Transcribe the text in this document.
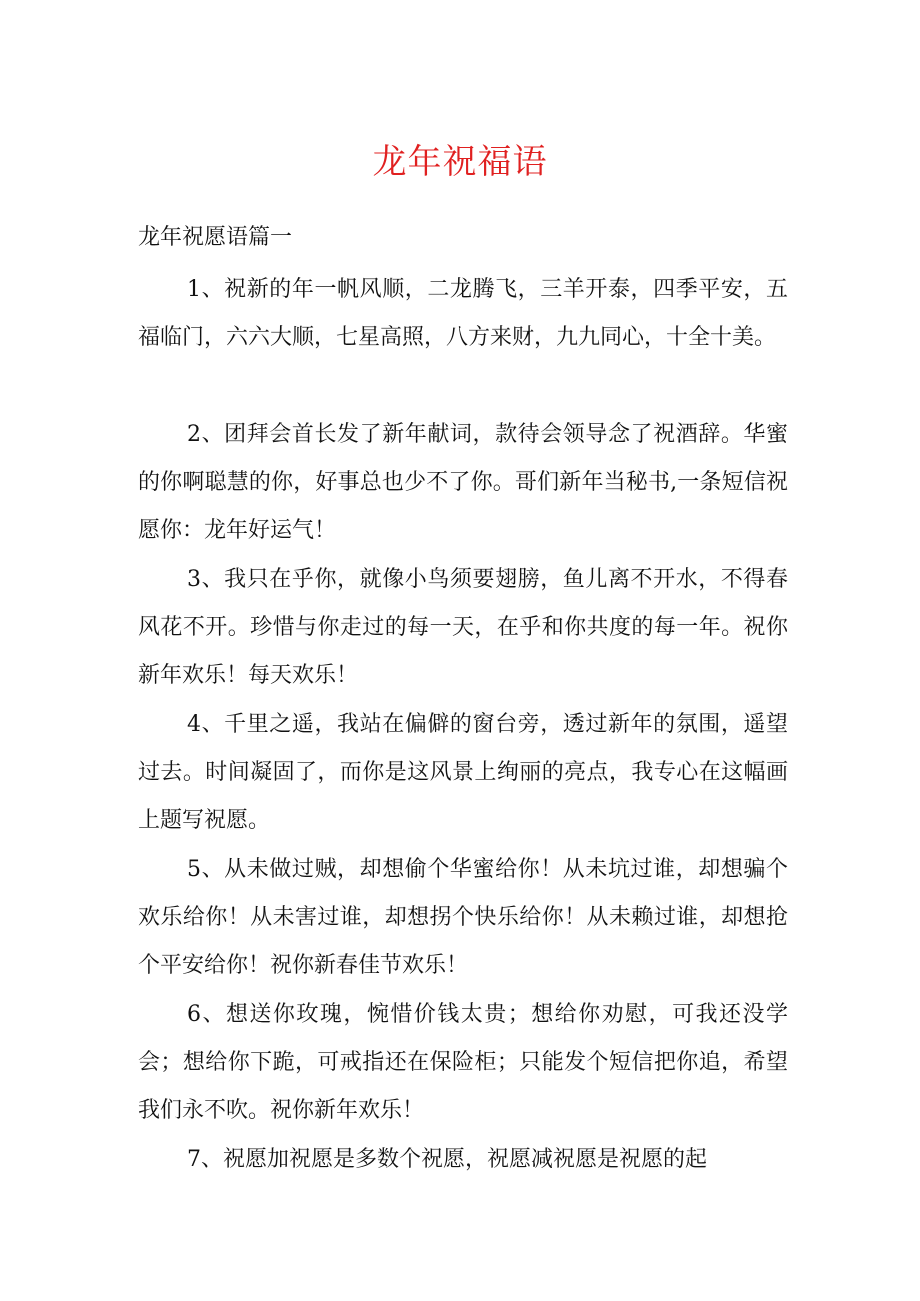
龙年祝福语
龙年祝愿语篇一

1、祝新的年一帆风顺，二龙腾飞，三羊开泰，四季平安，五福临门，六六大顺，七星高照，八方来财，九九同心，十全十美。

2、团拜会首长发了新年献词，款待会领导念了祝酒辞。华蜜的你啊聪慧的你，好事总也少不了你。哥们新年当秘书,一条短信祝愿你：龙年好运气！

3、我只在乎你，就像小鸟须要翅膀，鱼儿离不开水，不得春风花不开。珍惜与你走过的每一天，在乎和你共度的每一年。祝你新年欢乐！每天欢乐！

4、千里之遥，我站在偏僻的窗台旁，透过新年的氛围，遥望过去。时间凝固了，而你是这风景上绚丽的亮点，我专心在这幅画上题写祝愿。

5、从未做过贼，却想偷个华蜜给你！从未坑过谁，却想骗个欢乐给你！从未害过谁，却想拐个快乐给你！从未赖过谁，却想抢个平安给你！祝你新春佳节欢乐！

6、想送你玫瑰，惋惜价钱太贵；想给你劝慰，可我还没学会；想给你下跪，可戒指还在保险柜；只能发个短信把你追，希望我们永不吹。祝你新年欢乐！

7、祝愿加祝愿是多数个祝愿，祝愿减祝愿是祝愿的起
